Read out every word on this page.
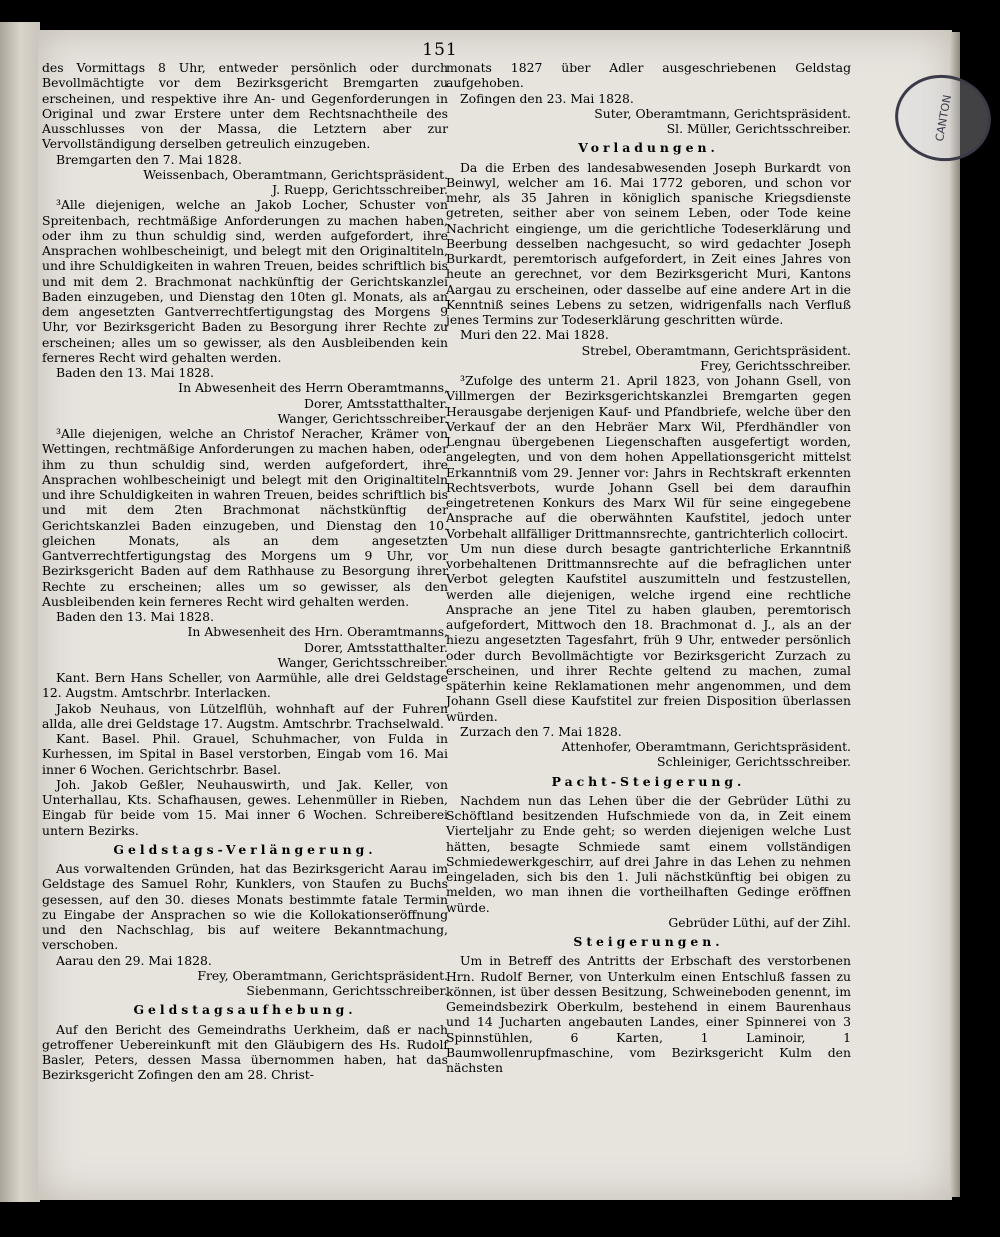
151
CANTON

des Vormittags 8 Uhr, entweder persönlich oder durch Bevollmächtigte vor dem Bezirksgericht Bremgarten zu erscheinen, und respektive ihre An- und Gegenforderungen in Original und zwar Erstere unter dem Rechtsnachtheile des Ausschlusses von der Massa, die Letztern aber zur Vervollständigung derselben getreulich einzugeben.

Bremgarten den 7. Mai 1828.

Weissenbach, Oberamtmann, Gerichtspräsident.

J. Ruepp, Gerichtsschreiber.

³Alle diejenigen, welche an Jakob Locher, Schuster von Spreitenbach, rechtmäßige Anforderungen zu machen haben, oder ihm zu thun schuldig sind, werden aufgefordert, ihre Ansprachen wohlbescheinigt, und belegt mit den Originaltiteln, und ihre Schuldigkeiten in wahren Treuen, beides schriftlich bis und mit dem 2. Brachmonat nachkünftig der Gerichtskanzlei Baden einzugeben, und Dienstag den 10ten gl. Monats, als an dem angesetzten Gantverrechtfertigungstag des Morgens 9 Uhr, vor Bezirksgericht Baden zu Besorgung ihrer Rechte zu erscheinen; alles um so gewisser, als den Ausbleibenden kein ferneres Recht wird gehalten werden.

Baden den 13. Mai 1828.

In Abwesenheit des Herrn Oberamtmanns,

Dorer, Amtsstatthalter.

Wanger, Gerichtsschreiber.

³Alle diejenigen, welche an Christof Neracher, Krämer von Wettingen, rechtmäßige Anforderungen zu machen haben, oder ihm zu thun schuldig sind, werden aufgefordert, ihre Ansprachen wohlbescheinigt und belegt mit den Originaltiteln und ihre Schuldigkeiten in wahren Treuen, beides schriftlich bis und mit dem 2ten Brachmonat nächstkünftig der Gerichtskanzlei Baden einzugeben, und Dienstag den 10. gleichen Monats, als an dem angesetzten Gantverrechtfertigungstag des Morgens um 9 Uhr, vor Bezirksgericht Baden auf dem Rathhause zu Besorgung ihrer Rechte zu erscheinen; alles um so gewisser, als den Ausbleibenden kein ferneres Recht wird gehalten werden.

Baden den 13. Mai 1828.

In Abwesenheit des Hrn. Oberamtmanns,

Dorer, Amtsstatthalter.

Wanger, Gerichtsschreiber.

Kant. Bern Hans Scheller, von Aarmühle, alle drei Geldstage 12. Augstm. Amtschrbr. Interlacken.

Jakob Neuhaus, von Lützelflüh, wohnhaft auf der Fuhren allda, alle drei Geldstage 17. Augstm. Amtschrbr. Trachselwald.

Kant. Basel. Phil. Grauel, Schuhmacher, von Fulda in Kurhessen, im Spital in Basel verstorben, Eingab vom 16. Mai inner 6 Wochen. Gerichtschrbr. Basel.

Joh. Jakob Geßler, Neuhauswirth, und Jak. Keller, von Unterhallau, Kts. Schafhausen, gewes. Lehenmüller in Rieben, Eingab für beide vom 15. Mai inner 6 Wochen. Schreiberei untern Bezirks.

Geldstags-Verlängerung.

Aus vorwaltenden Gründen, hat das Bezirksgericht Aarau im Geldstage des Samuel Rohr, Kunklers, von Staufen zu Buchs gesessen, auf den 30. dieses Monats bestimmte fatale Termin zu Eingabe der Ansprachen so wie die Kollokationseröffnung und den Nachschlag, bis auf weitere Bekanntmachung, verschoben.

Aarau den 29. Mai 1828.

Frey, Oberamtmann, Gerichtspräsident.

Siebenmann, Gerichtsschreiber.

Geldstagsaufhebung.

Auf den Bericht des Gemeindraths Uerkheim, daß er nach getroffener Uebereinkunft mit den Gläubigern des Hs. Rudolf Basler, Peters, dessen Massa übernommen haben, hat das Bezirksgericht Zofingen den am 28. Christ-

monats 1827 über Adler ausgeschriebenen Geldstag aufgehoben.

Zofingen den 23. Mai 1828.

Suter, Oberamtmann, Gerichtspräsident.

Sl. Müller, Gerichtsschreiber.

Vorladungen.

Da die Erben des landesabwesenden Joseph Burkardt von Beinwyl, welcher am 16. Mai 1772 geboren, und schon vor mehr, als 35 Jahren in königlich spanische Kriegsdienste getreten, seither aber von seinem Leben, oder Tode keine Nachricht eingienge, um die gerichtliche Todeserklärung und Beerbung desselben nachgesucht, so wird gedachter Joseph Burkardt, peremtorisch aufgefordert, in Zeit eines Jahres von heute an gerechnet, vor dem Bezirksgericht Muri, Kantons Aargau zu erscheinen, oder dasselbe auf eine andere Art in die Kenntniß seines Lebens zu setzen, widrigenfalls nach Verfluß jenes Termins zur Todeserklärung geschritten würde.

Muri den 22. Mai 1828.

Strebel, Oberamtmann, Gerichtspräsident.

Frey, Gerichtsschreiber.

³Zufolge des unterm 21. April 1823, von Johann Gsell, von Villmergen der Bezirksgerichtskanzlei Bremgarten gegen Herausgabe derjenigen Kauf- und Pfandbriefe, welche über den Verkauf der an den Hebräer Marx Wil, Pferdhändler von Lengnau übergebenen Liegenschaften ausgefertigt worden, angelegten, und von dem hohen Appellationsgericht mittelst Erkanntniß vom 29. Jenner vor: Jahrs in Rechtskraft erkennten Rechtsverbots, wurde Johann Gsell bei dem daraufhin eingetretenen Konkurs des Marx Wil für seine eingegebene Ansprache auf die oberwähnten Kaufstitel, jedoch unter Vorbehalt allfälliger Drittmannsrechte, gantrichterlich collocirt.

Um nun diese durch besagte gantrichterliche Erkanntniß vorbehaltenen Drittmannsrechte auf die befraglichen unter Verbot gelegten Kaufstitel auszumitteln und festzustellen, werden alle diejenigen, welche irgend eine rechtliche Ansprache an jene Titel zu haben glauben, peremtorisch aufgefordert, Mittwoch den 18. Brachmonat d. J., als an der hiezu angesetzten Tagesfahrt, früh 9 Uhr, entweder persönlich oder durch Bevollmächtigte vor Bezirksgericht Zurzach zu erscheinen, und ihrer Rechte geltend zu machen, zumal späterhin keine Reklamationen mehr angenommen, und dem Johann Gsell diese Kaufstitel zur freien Disposition überlassen würden.

Zurzach den 7. Mai 1828.

Attenhofer, Oberamtmann, Gerichtspräsident.

Schleiniger, Gerichtsschreiber.

Pacht-Steigerung.

Nachdem nun das Lehen über die der Gebrüder Lüthi zu Schöftland besitzenden Hufschmiede von da, in Zeit einem Vierteljahr zu Ende geht; so werden diejenigen welche Lust hätten, besagte Schmiede samt einem vollständigen Schmiedewerkgeschirr, auf drei Jahre in das Lehen zu nehmen eingeladen, sich bis den 1. Juli nächstkünftig bei obigen zu melden, wo man ihnen die vortheilhaften Gedinge eröffnen würde.

Gebrüder Lüthi, auf der Zihl.

Steigerungen.

Um in Betreff des Antritts der Erbschaft des verstorbenen Hrn. Rudolf Berner, von Unterkulm einen Entschluß fassen zu können, ist über dessen Besitzung, Schweineboden genennt, im Gemeindsbezirk Oberkulm, bestehend in einem Baurenhaus und 14 Jucharten angebauten Landes, einer Spinnerei von 3 Spinnstühlen, 6 Karten, 1 Laminoir, 1 Baumwollenrupfmaschine, vom Bezirksgericht Kulm den nächsten
